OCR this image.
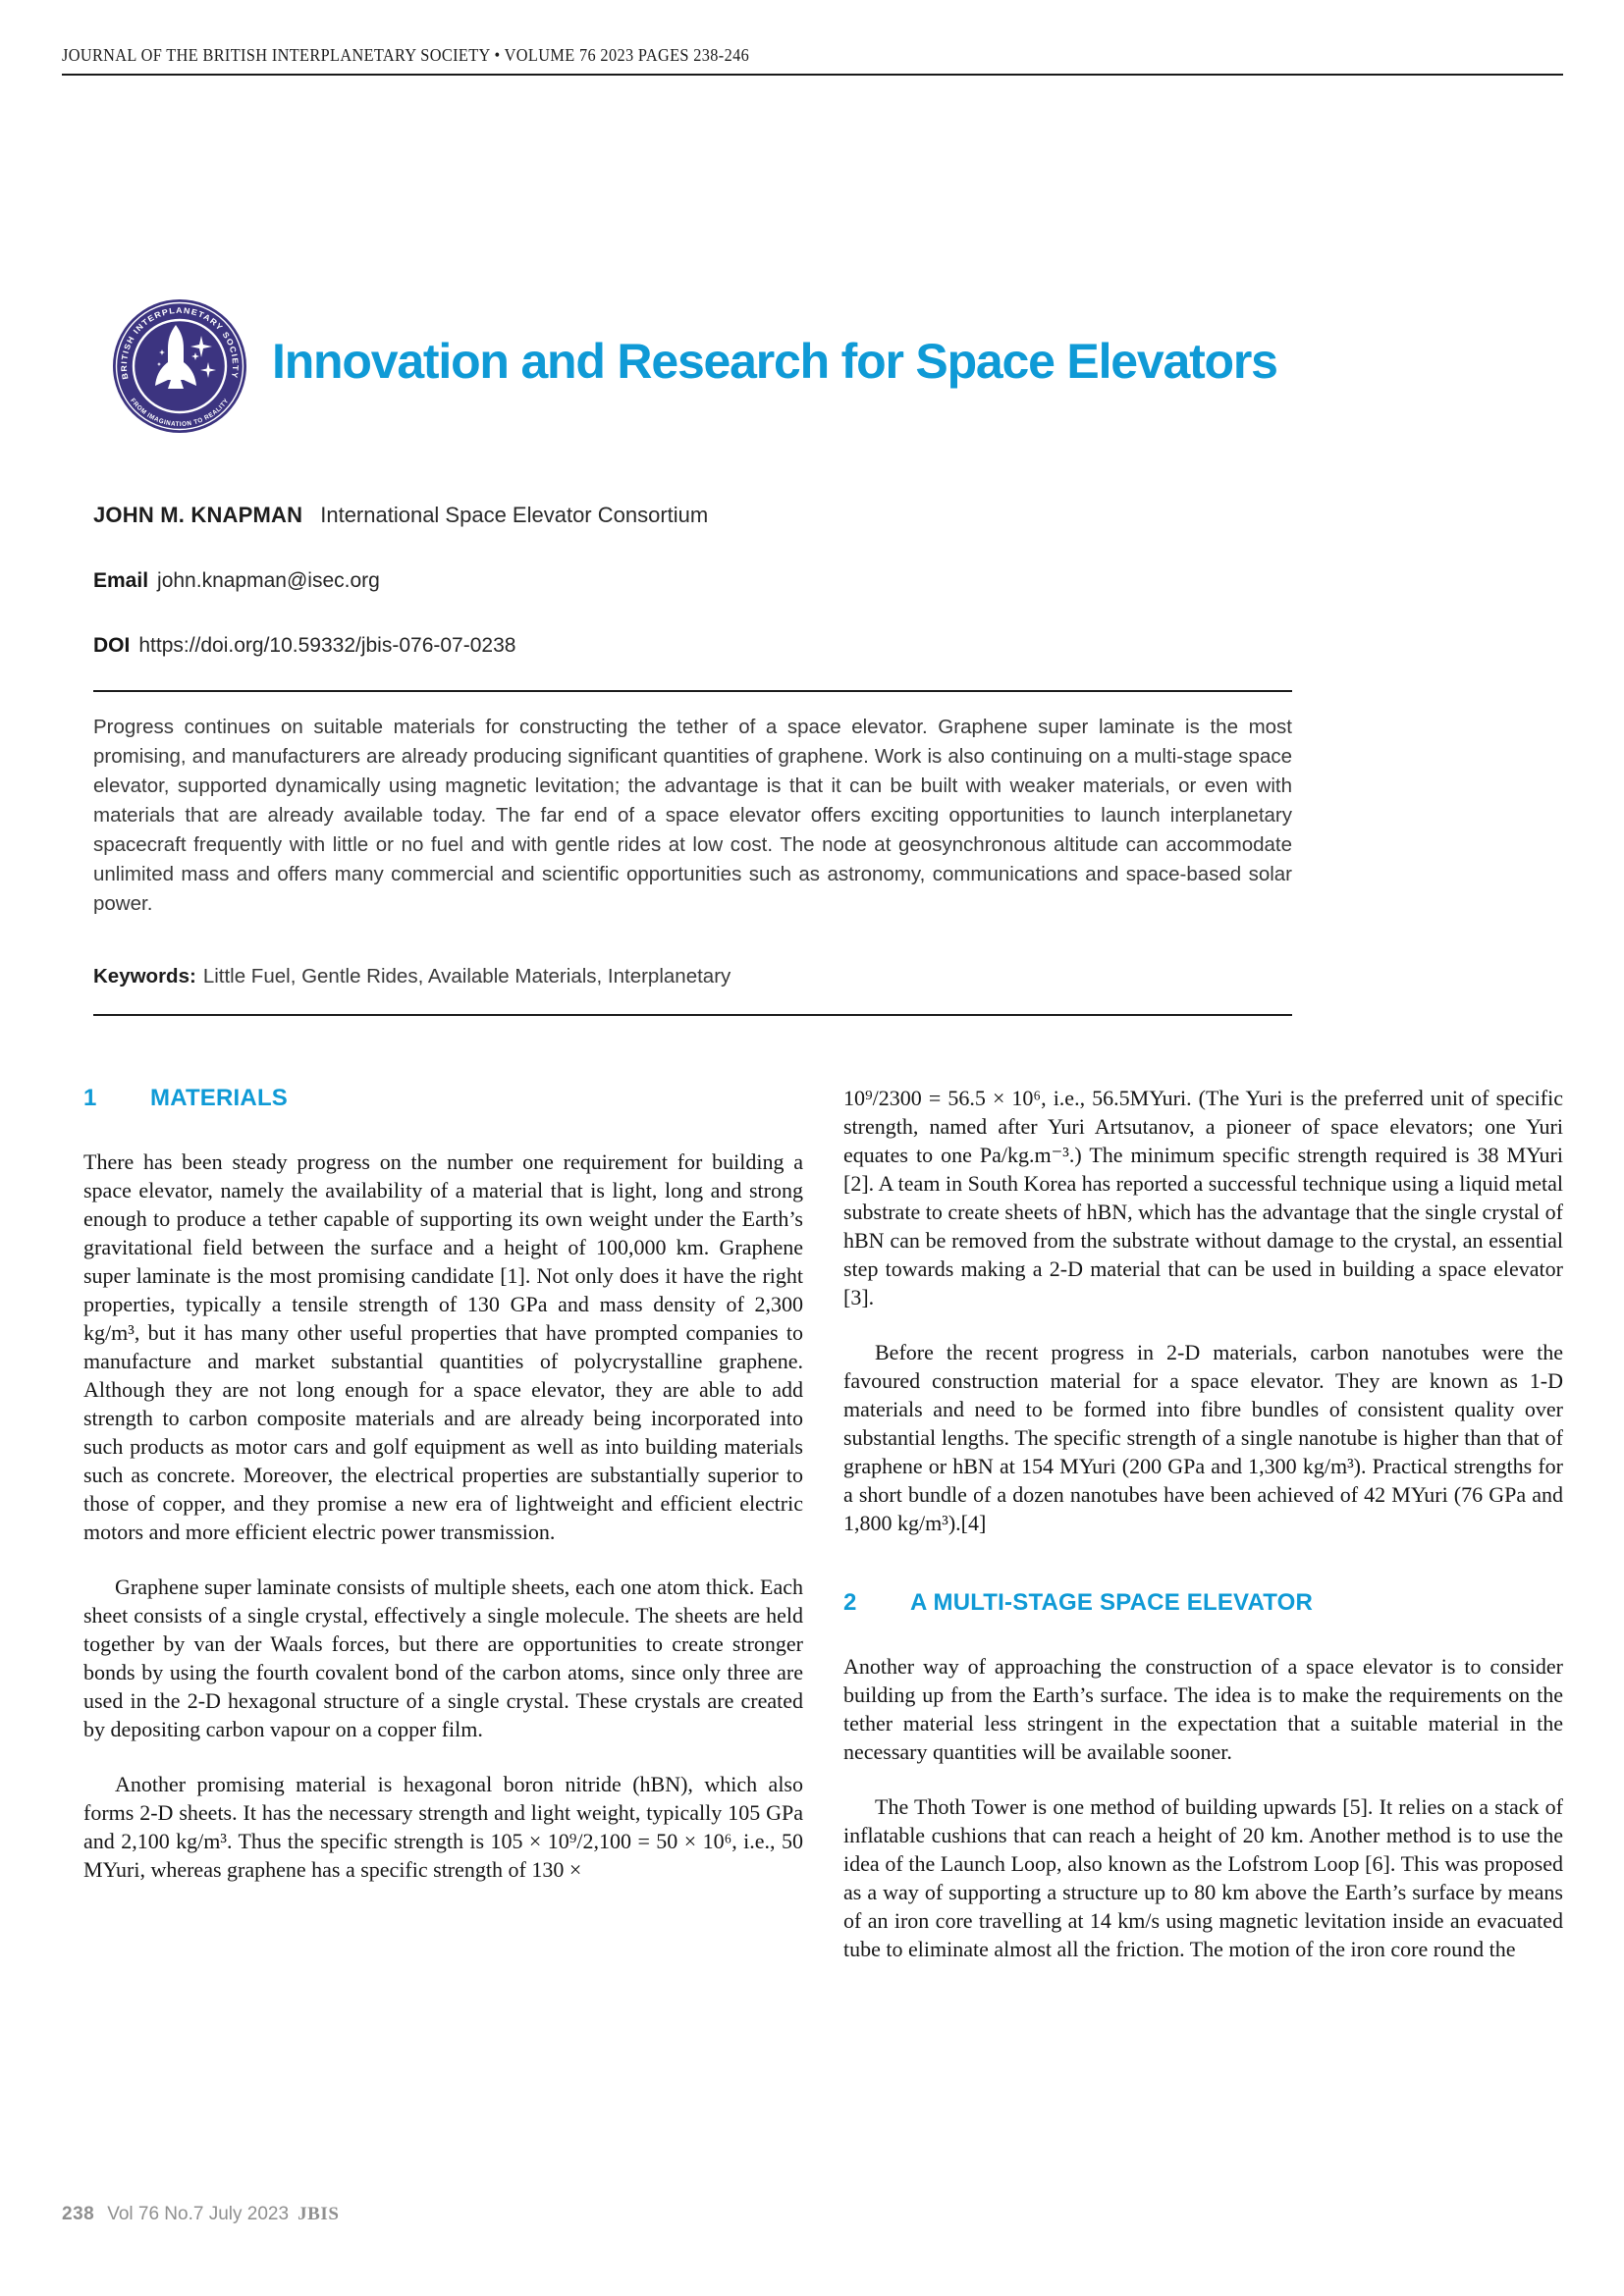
JOURNAL OF THE BRITISH INTERPLANETARY SOCIETY • VOLUME 76 2023 PAGES 238-246
BRITISH INTERPLANETARY SOCIETY
FROM IMAGINATION TO REALITY
Innovation and Research for Space Elevators
JOHN M. KNAPMAN International Space Elevator Consortium
Email john.knapman@isec.org
DOI https://doi.org/10.59332/jbis-076-07-0238
Progress continues on suitable materials for constructing the tether of a space elevator. Graphene super laminate is the most promising, and manufacturers are already producing significant quantities of graphene. Work is also continuing on a multi-stage space elevator, supported dynamically using magnetic levitation; the advantage is that it can be built with weaker materials, or even with materials that are already available today. The far end of a space elevator offers exciting opportunities to launch interplanetary spacecraft frequently with little or no fuel and with gentle rides at low cost. The node at geosynchronous altitude can accommodate unlimited mass and offers many commercial and scientific opportunities such as astronomy, communications and space-based solar power.
Keywords: Little Fuel, Gentle Rides, Available Materials, Interplanetary
1 MATERIALS

There has been steady progress on the number one requirement for building a space elevator, namely the availability of a material that is light, long and strong enough to produce a tether capable of supporting its own weight under the Earth’s gravitational field between the surface and a height of 100,000 km. Graphene super laminate is the most promising candidate [1]. Not only does it have the right properties, typically a tensile strength of 130 GPa and mass density of 2,300 kg/m³, but it has many other useful properties that have prompted companies to manufacture and market substantial quantities of polycrystalline graphene. Although they are not long enough for a space elevator, they are able to add strength to carbon composite materials and are already being incorporated into such products as motor cars and golf equipment as well as into building materials such as concrete. Moreover, the electrical properties are substantially superior to those of copper, and they promise a new era of lightweight and efficient electric motors and more efficient electric power transmission.

Graphene super laminate consists of multiple sheets, each one atom thick. Each sheet consists of a single crystal, effectively a single molecule. The sheets are held together by van der Waals forces, but there are opportunities to create stronger bonds by using the fourth covalent bond of the carbon atoms, since only three are used in the 2-D hexagonal structure of a single crystal. These crystals are created by depositing carbon vapour on a copper film.

Another promising material is hexagonal boron nitride (hBN), which also forms 2-D sheets. It has the necessary strength and light weight, typically 105 GPa and 2,100 kg/m³. Thus the specific strength is 105 × 10⁹/2,100 = 50 × 10⁶, i.e., 50 MYuri, whereas graphene has a specific strength of 130 ×

10⁹/2300 = 56.5 × 10⁶, i.e., 56.5MYuri. (The Yuri is the preferred unit of specific strength, named after Yuri Artsutanov, a pioneer of space elevators; one Yuri equates to one Pa/kg.m⁻³.) The minimum specific strength required is 38 MYuri [2]. A team in South Korea has reported a successful technique using a liquid metal substrate to create sheets of hBN, which has the advantage that the single crystal of hBN can be removed from the substrate without damage to the crystal, an essential step towards making a 2-D material that can be used in building a space elevator [3].

Before the recent progress in 2-D materials, carbon nanotubes were the favoured construction material for a space elevator. They are known as 1-D materials and need to be formed into fibre bundles of consistent quality over substantial lengths. The specific strength of a single nanotube is higher than that of graphene or hBN at 154 MYuri (200 GPa and 1,300 kg/m³). Practical strengths for a short bundle of a dozen nanotubes have been achieved of 42 MYuri (76 GPa and 1,800 kg/m³).[4]

2 A MULTI-STAGE SPACE ELEVATOR

Another way of approaching the construction of a space elevator is to consider building up from the Earth’s surface. The idea is to make the requirements on the tether material less stringent in the expectation that a suitable material in the necessary quantities will be available sooner.

The Thoth Tower is one method of building upwards [5]. It relies on a stack of inflatable cushions that can reach a height of 20 km. Another method is to use the idea of the Launch Loop, also known as the Lofstrom Loop [6]. This was proposed as a way of supporting a structure up to 80 km above the Earth’s surface by means of an iron core travelling at 14 km/s using magnetic levitation inside an evacuated tube to eliminate almost all the friction. The motion of the iron core round the

238 Vol 76 No.7 July 2023 JBIS
